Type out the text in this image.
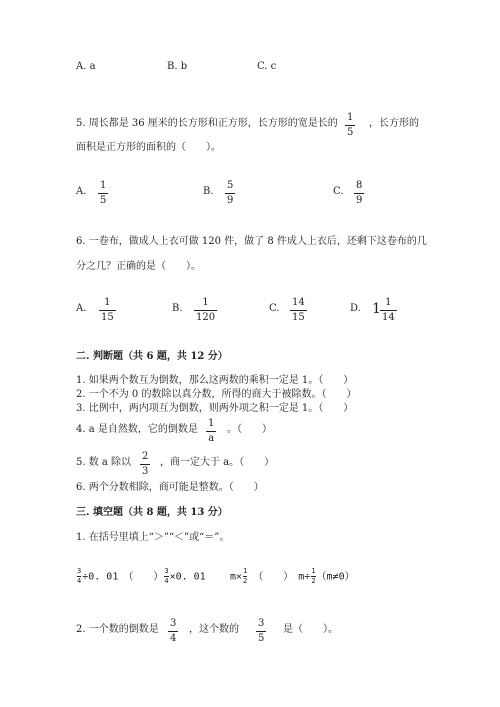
A. a	B. b	C. c
5. 周长都是 36 厘米的长方形和正方形，长方形的宽是长的
1
5
，长方形的
面积是正方形的面积的（　　）。
A.
1
5
B.
5
9
C.
8
9
6. 一卷布，做成人上衣可做 120 件，做了 8 件成人上衣后，还剩下这卷布的几
分之几？正确的是（　　）。
A.
1
15
B.
1
120
C.
14
15
D. 1 1
14
二. 判断题（共 6 题，共 12 分）
1. 如果两个数互为倒数，那么这两数的乘积一定是 1。（　　）
2. 一个不为 0 的数除以真分数，所得的商大于被除数。（　　）
3. 比例中，两内项互为倒数，则两外项之积一定是 1。（　　）
4. a 是自然数，它的倒数是
1
a
。（　　）
5. 数 a 除以
2
3
，商一定大于 a。（　　）
6. 两个分数相除，商可能是整数。（　　）
三. 填空题（共 8 题，共 13 分）
1. 在括号里填上“＞”“＜”或“＝”。
$\frac{3}{4} \div 0$. 01　（　　） $\frac{3}{4} \times 0$. 01 $m\times \frac{1}{2}$ 　（　　）　$m\div \frac{1}{2} (m\ne 0)$
2. 一个数的倒数是
3
4
，这个数的
3
5
是（　　）。
